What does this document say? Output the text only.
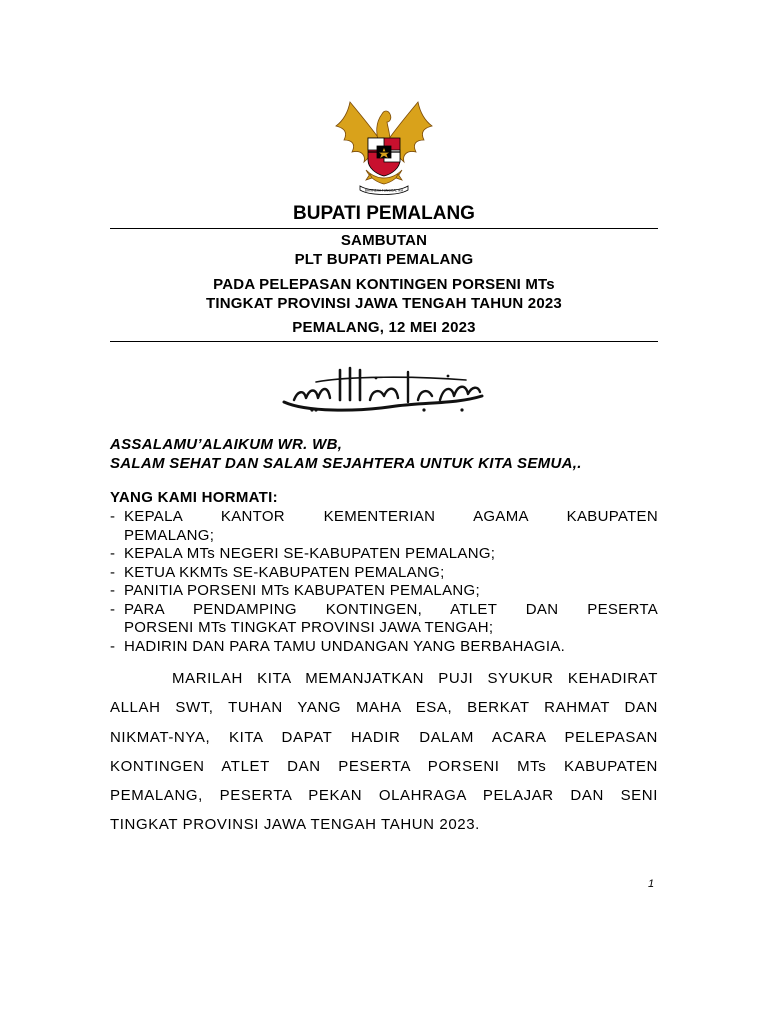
BHINNEKA TUNGGAL IKA
BUPATI PEMALANG
SAMBUTAN
PLT BUPATI PEMALANG
PADA PELEPASAN KONTINGEN PORSENI MTs
TINGKAT PROVINSI JAWA TENGAH TAHUN 2023
PEMALANG, 12 MEI 2023
ASSALAMU’ALAIKUM WR. WB,
SALAM SEHAT DAN SALAM SEJAHTERA UNTUK KITA SEMUA,.
YANG KAMI HORMATI:
- KEPALA KANTOR KEMENTERIAN AGAMA KABUPATEN
PEMALANG;
- KEPALA MTs NEGERI SE-KABUPATEN PEMALANG;
- KETUA KKMTs SE-KABUPATEN PEMALANG;
- PANITIA PORSENI MTs KABUPATEN PEMALANG;
- PARA PENDAMPING KONTINGEN, ATLET DAN PESERTA
PORSENI MTs TINGKAT PROVINSI JAWA TENGAH;
- HADIRIN DAN PARA TAMU UNDANGAN YANG BERBAHAGIA.
MARILAH KITA MEMANJATKAN PUJI SYUKUR KEHADIRAT
ALLAH SWT, TUHAN YANG MAHA ESA, BERKAT RAHMAT DAN
NIKMAT-NYA, KITA DAPAT HADIR DALAM ACARA PELEPASAN
KONTINGEN ATLET DAN PESERTA PORSENI MTs KABUPATEN
PEMALANG, PESERTA PEKAN OLAHRAGA PELAJAR DAN SENI
TINGKAT PROVINSI JAWA TENGAH TAHUN 2023.
1
